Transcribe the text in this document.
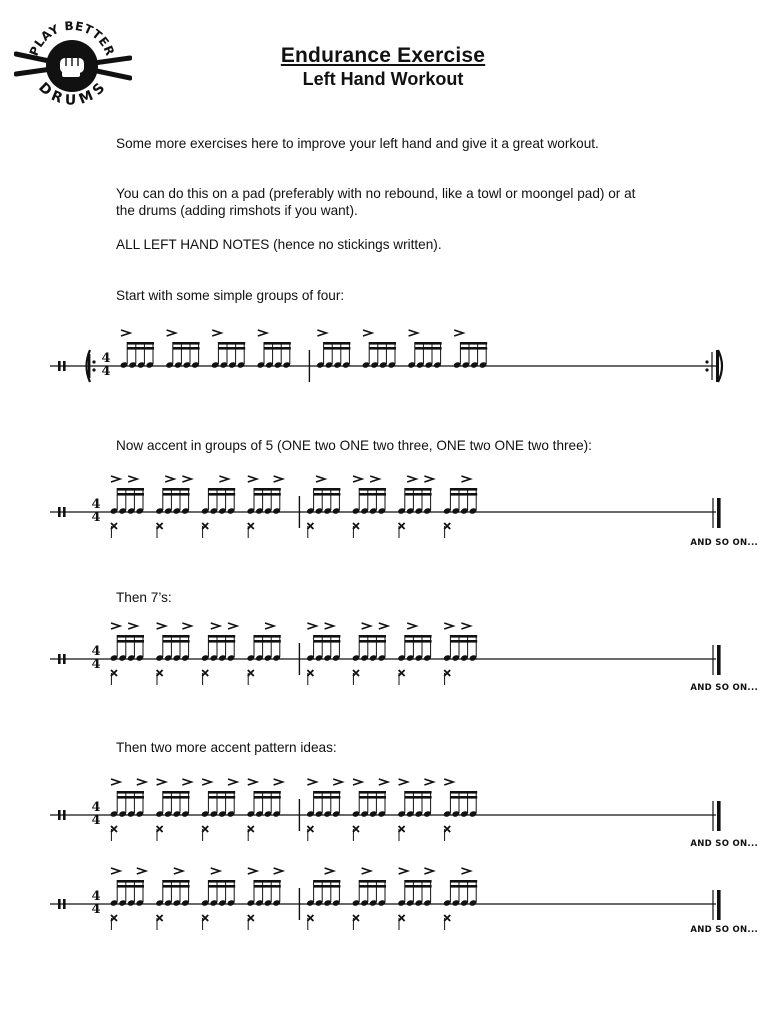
PLAY BETTER
DRUMS
Endurance Exercise
Left Hand Workout

Some more exercises here to improve your left hand and give it a great workout.

You can do this on a pad (preferably with no rebound, like a towl or moongel pad) or at the drums (adding rimshots if you want).

ALL LEFT HAND NOTES (hence no stickings written).

Start with some simple groups of four:

4
4

Now accent in groups of 5 (ONE two ONE two three, ONE two ONE two three):

4
4
AND SO ON...

Then 7’s:

4
4
AND SO ON...

Then two more accent pattern ideas:

4
4
AND SO ON...
4
4
AND SO ON...
